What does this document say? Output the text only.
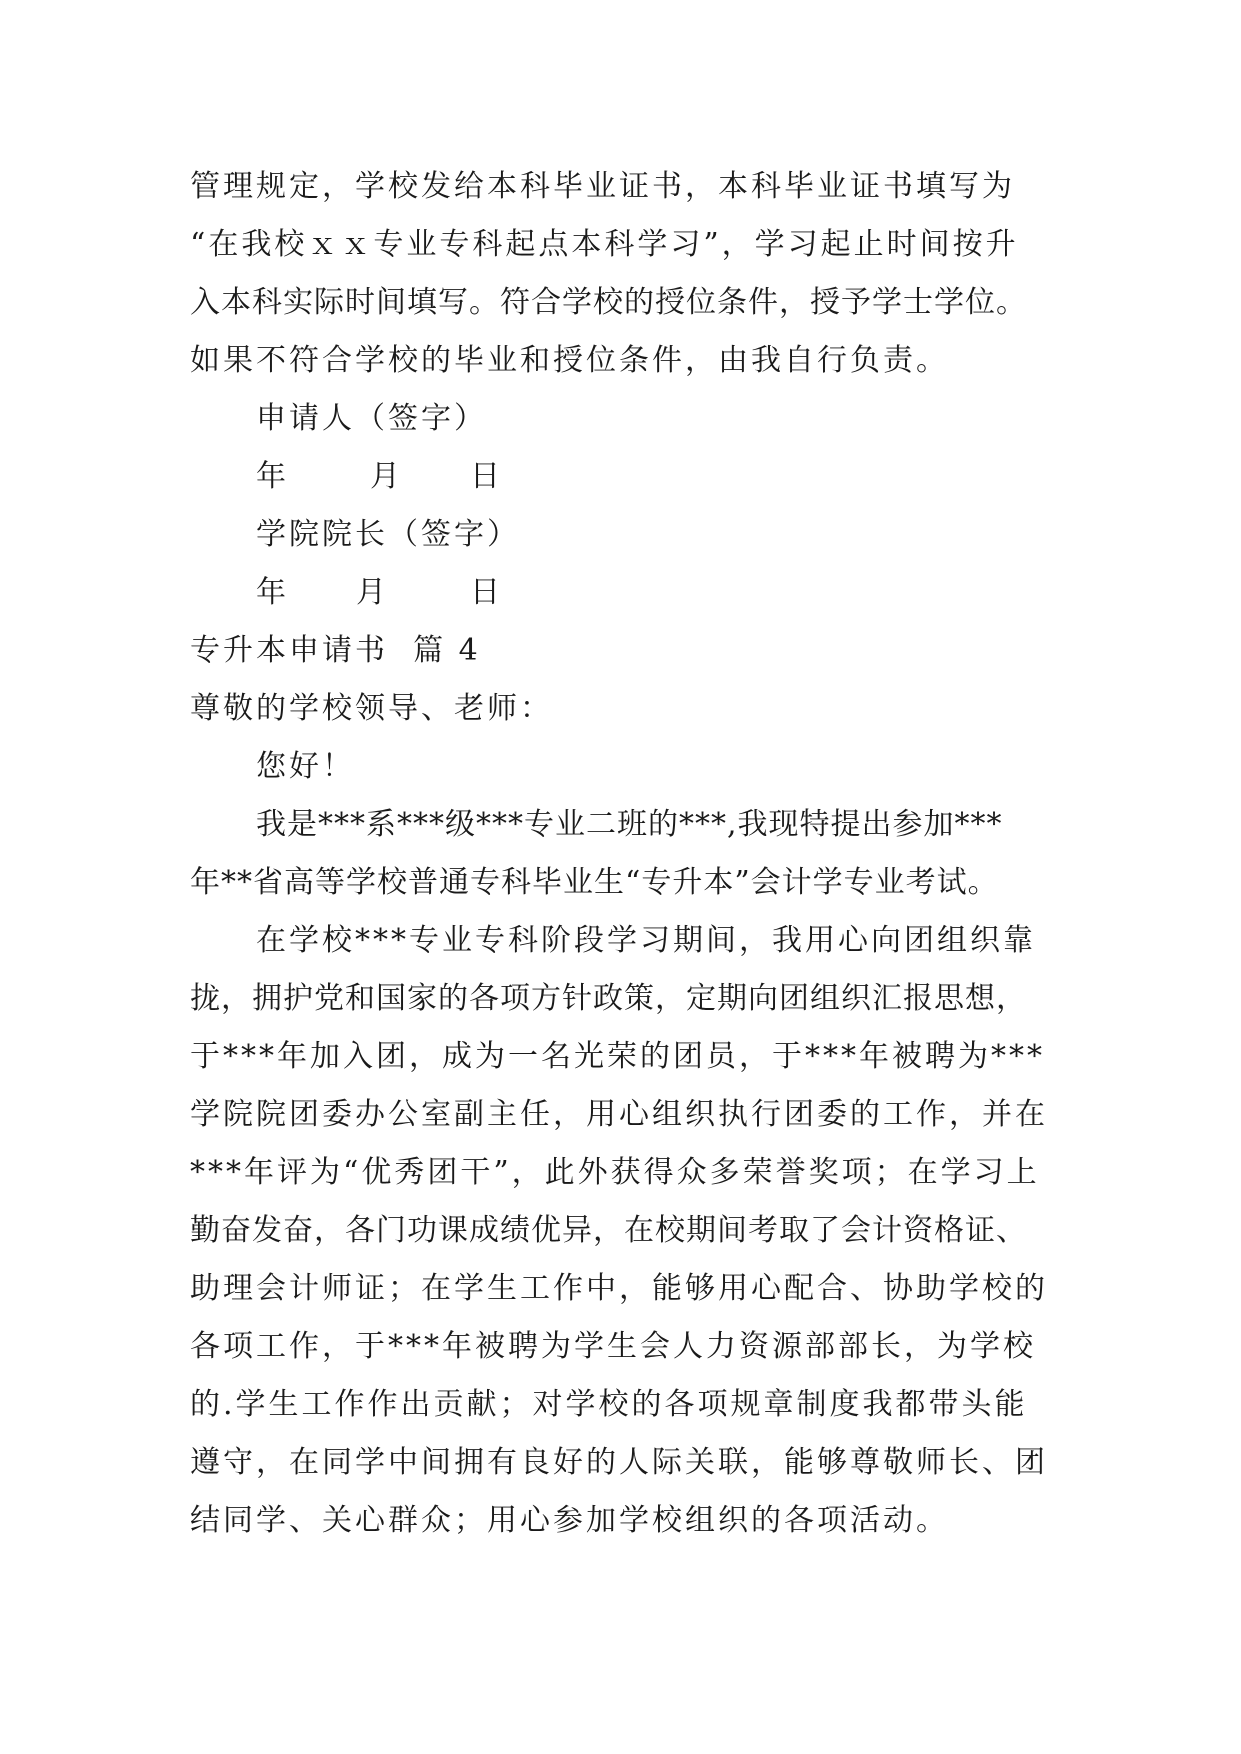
管理规定，学校发给本科毕业证书，本科毕业证书填写为
“在我校ｘｘ专业专科起点本科学习”，学习起止时间按升
入本科实际时间填写。符合学校的授位条件，授予学士学位。
如果不符合学校的毕业和授位条件，由我自行负责。
申请人（签字）
年	月 日
学院院长（签字）
年 月	日
专升本申请书  篇 4
尊敬的学校领导、老师：
您好！
我是***系***级***专业二班的***,我现特提出参加***
年**省高等学校普通专科毕业生“专升本”会计学专业考试。
在学校***专业专科阶段学习期间，我用心向团组织靠
拢，拥护党和国家的各项方针政策，定期向团组织汇报思想，
于***年加入团，成为一名光荣的团员，于***年被聘为***
学院院团委办公室副主任，用心组织执行团委的工作，并在
***年评为“优秀团干”，此外获得众多荣誉奖项；在学习上
勤奋发奋，各门功课成绩优异，在校期间考取了会计资格证、
助理会计师证；在学生工作中，能够用心配合、协助学校的
各项工作，于***年被聘为学生会人力资源部部长，为学校
的.学生工作作出贡献；对学校的各项规章制度我都带头能
遵守，在同学中间拥有良好的人际关联，能够尊敬师长、团
结同学、关心群众；用心参加学校组织的各项活动。
